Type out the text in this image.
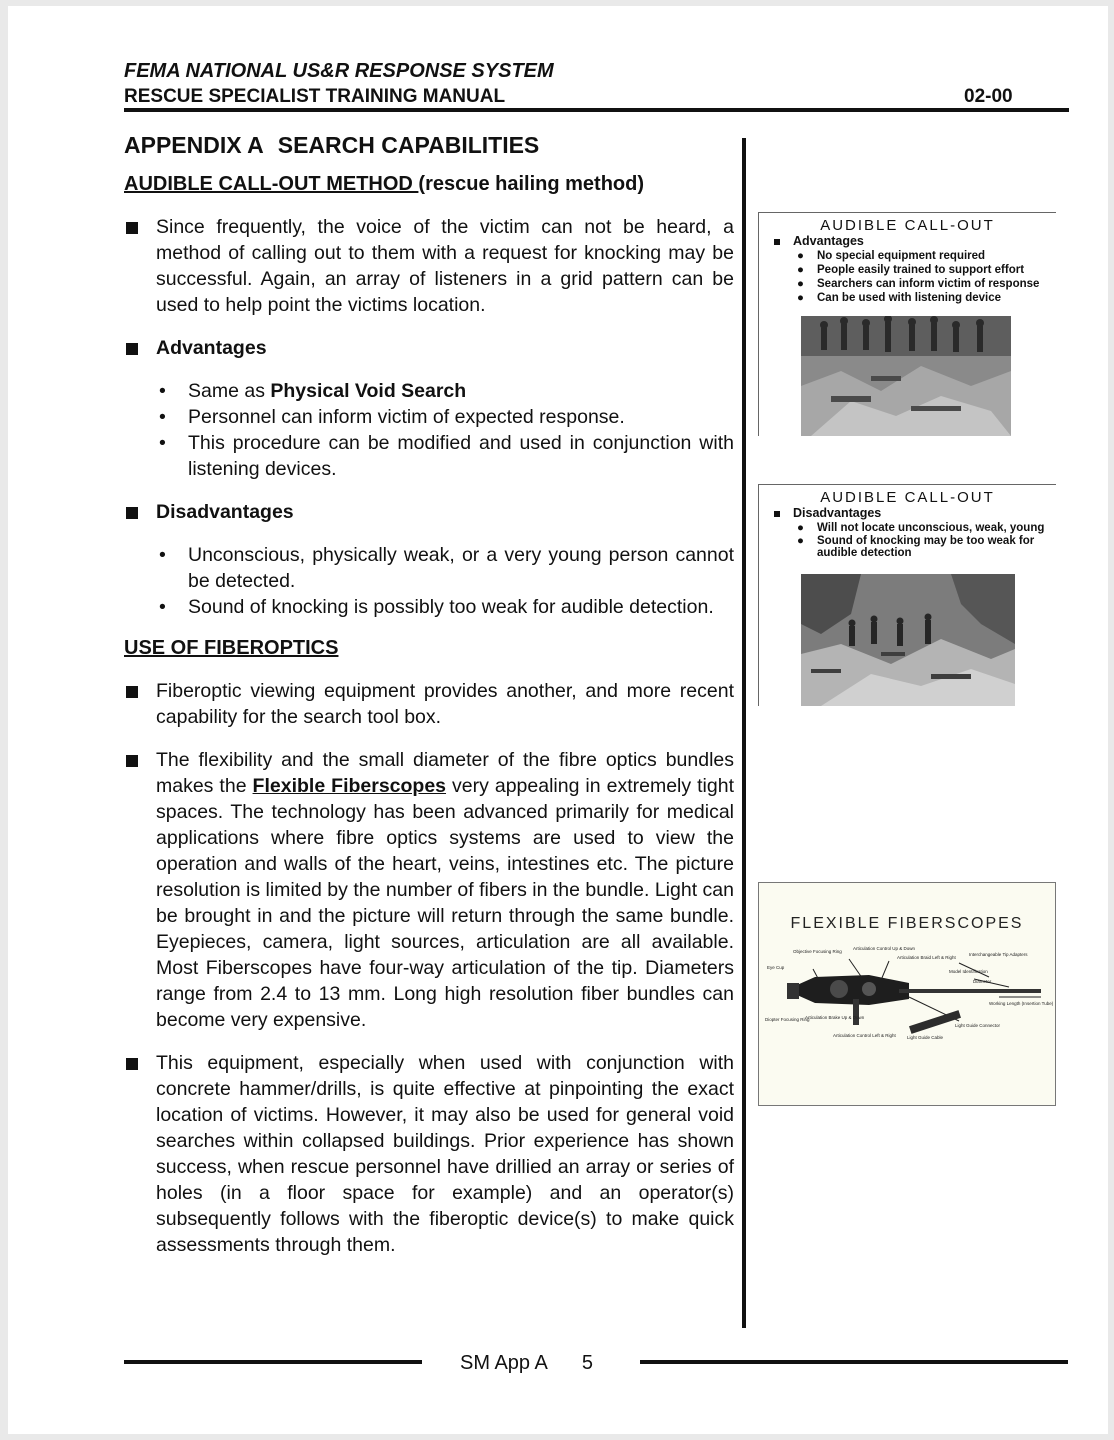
FEMA NATIONAL US&R RESPONSE SYSTEM
RESCUE SPECIALIST TRAINING MANUAL	02-00
APPENDIX A SEARCH CAPABILITIES
AUDIBLE CALL-OUT METHOD (rescue hailing method)
Since frequently, the voice of the victim can not be heard, a method of calling out to them with a request for knocking may be successful. Again, an array of listeners in a grid pattern can be used to help point the victims location.
Advantages

• Same as Physical Void Search

• Personnel can inform victim of expected response.

• This procedure can be modified and used in conjunction with listening devices.

Disadvantages

• Unconscious, physically weak, or a very young person cannot be detected.

• Sound of knocking is possibly too weak for audible detection.

USE OF FIBEROPTICS
Fiberoptic viewing equipment provides another, and more recent capability for the search tool box.
The flexibility and the small diameter of the fibre optics bundles makes the Flexible Fiberscopes very appealing in extremely tight spaces. The technology has been advanced primarily for medical applications where fibre optics systems are used to view the operation and walls of the heart, veins, intestines etc. The picture resolution is limited by the number of fibers in the bundle. Light can be brought in and the picture will return through the same bundle. Eyepieces, camera, light sources, articulation are all available. Most Fiberscopes have four-way articulation of the tip. Diameters range from 2.4 to 13 mm. Long high resolution fiber bundles can become very expensive.
This equipment, especially when used with conjunction with concrete hammer/drills, is quite effective at pinpointing the exact location of victims. However, it may also be used for general void searches within collapsed buildings. Prior experience has shown success, when rescue personnel have drillied an array or series of holes (in a floor space for example) and an operator(s) subsequently follows with the fiberoptic device(s) to make quick assessments through them.
AUDIBLE CALL-OUT
Advantages
● No special equipment required
● People easily trained to support effort
● Searchers can inform victim of response
● Can be used with listening device
AUDIBLE CALL-OUT
Disadvantages
● Will not locate unconscious, weak, young
● Sound of knocking may be too weak for audible detection
FLEXIBLE FIBERSCOPES
Objective Focusing Ring
Articulation Control Up & Down
Articulation Braid Left & Right
Interchangeable Tip Adapters
Model Identification
Diameter
Eye Cup
Working Length (Insertion Tube)
Diopter Focusing Ring
Articulation Brake Up & Down
Light Guide Connector
Articulation Control Left & Right Light Guide Cable
SM App A 5
